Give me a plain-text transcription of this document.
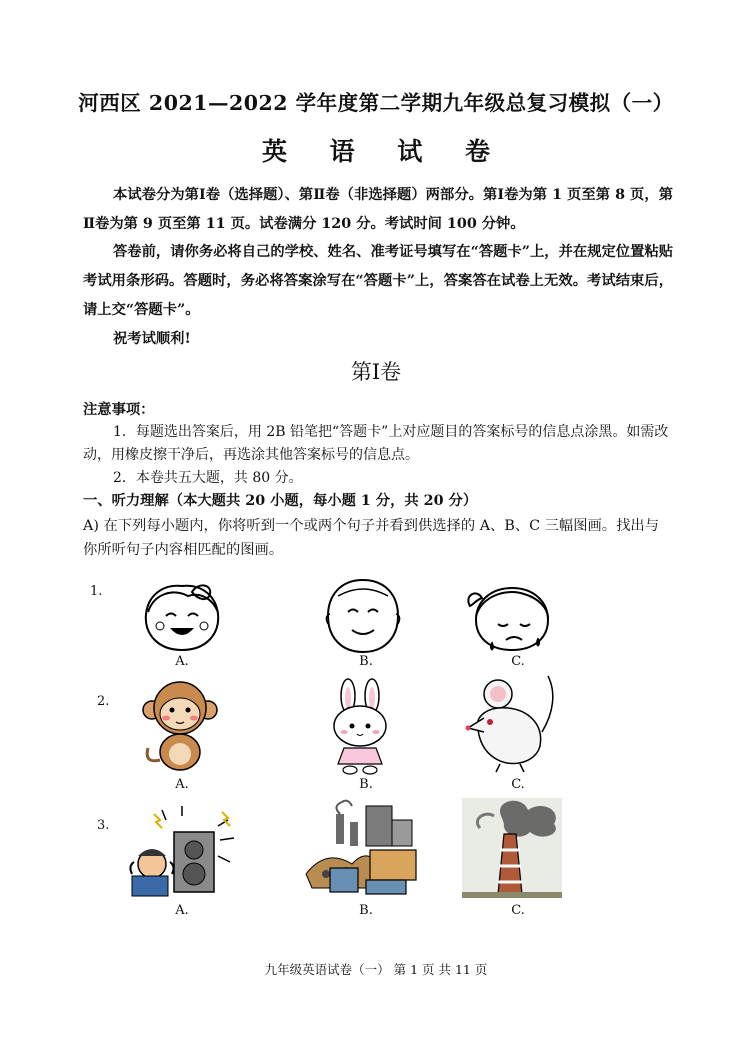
河西区 2021—2022 学年度第二学期九年级总复习模拟（一）
英 语 试 卷
本试卷分为第Ⅰ卷（选择题）、第Ⅱ卷（非选择题）两部分。第Ⅰ卷为第 1 页至第 8 页，第Ⅱ卷为第 9 页至第 11 页。试卷满分 120 分。考试时间 100 分钟。
答卷前，请你务必将自己的学校、姓名、准考证号填写在“答题卡”上，并在规定位置粘贴考试用条形码。答题时，务必将答案涂写在“答题卡”上，答案答在试卷上无效。考试结束后，请上交“答题卡”。
祝考试顺利!
第Ⅰ卷
注意事项：
1．每题选出答案后，用 2B 铅笔把“答题卡”上对应题目的答案标号的信息点涂黑。如需改动，用橡皮擦干净后，再选涂其他答案标号的信息点。
2．本卷共五大题，共 80 分。
一、听力理解（本大题共 20 小题，每小题 1 分，共 20 分）
A) 在下列每小题内，你将听到一个或两个句子并看到供选择的 A、B、C 三幅图画。找出与你所听句子内容相匹配的图画。
1.
A.	B.	C.
2.
A.	B.	C.
3.
A.	B.	C.
九年级英语试卷（一） 第 1 页 共 11 页
